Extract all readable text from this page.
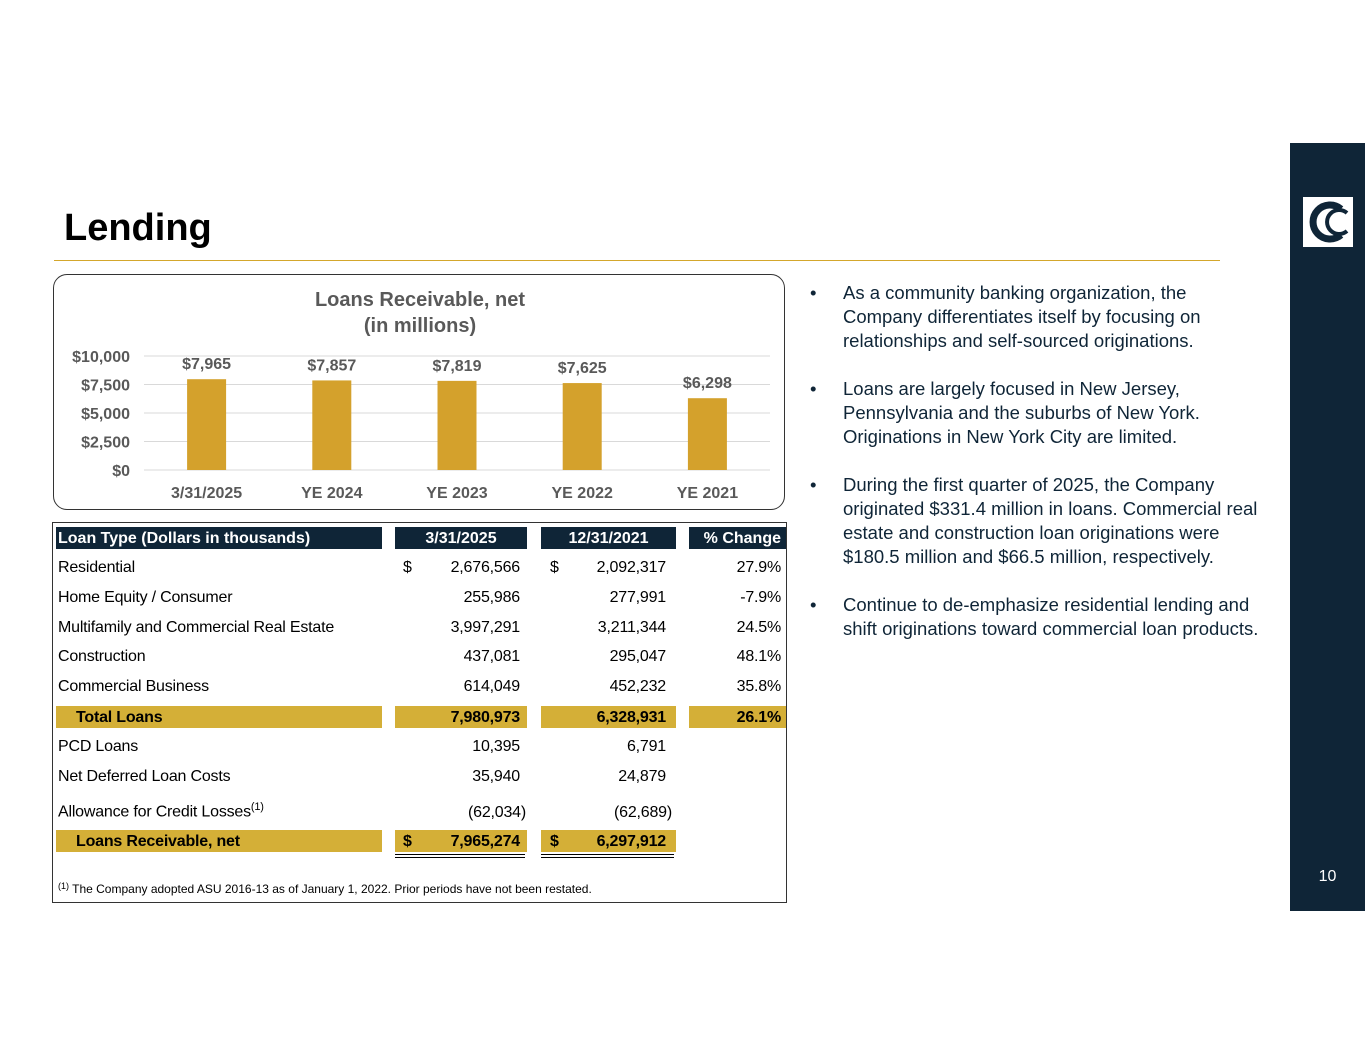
Lending
10
Loans Receivable, net
(in millions)
$0
$2,500
$5,000
$7,500
$10,000	$7,965
3/31/2025
$7,857
YE 2024
$7,819
YE 2023
$7,625
YE 2022
$6,298
YE 2021
Loan Type (Dollars in thousands)	3/31/2025	12/31/2021	% Change
Residential	$	2,676,566 $	2,092,317	27.9%
Home Equity / Consumer	255,986	277,991	-7.9%
Multifamily and Commercial Real Estate	3,997,291	3,211,344	24.5%
Construction	437,081	295,047	48.1%
Commercial Business	614,049	452,232	35.8%
Total Loans	7,980,973	6,328,931	26.1%
PCD Loans	10,395	6,791
Net Deferred Loan Costs	35,940	24,879
Allowance for Credit Losses$^{(1)}$	(62,034)	(62,689)
Loans Receivable, net	$	7,965,274 $	6,297,912
$^{(1)}$ The Company adopted ASU 2016-13 as of January 1, 2022. Prior periods have not been restated.
• As a community banking organization, the Company differentiates itself by focusing on relationships and self-sourced originations.
• Loans are largely focused in New Jersey, Pennsylvania and the suburbs of New York. Originations in New York City are limited.
• During the first quarter of 2025, the Company originated $331.4 million in loans. Commercial real estate and construction loan originations were $180.5 million and $66.5 million, respectively.
• Continue to de-emphasize residential lending and shift originations toward commercial loan products.
